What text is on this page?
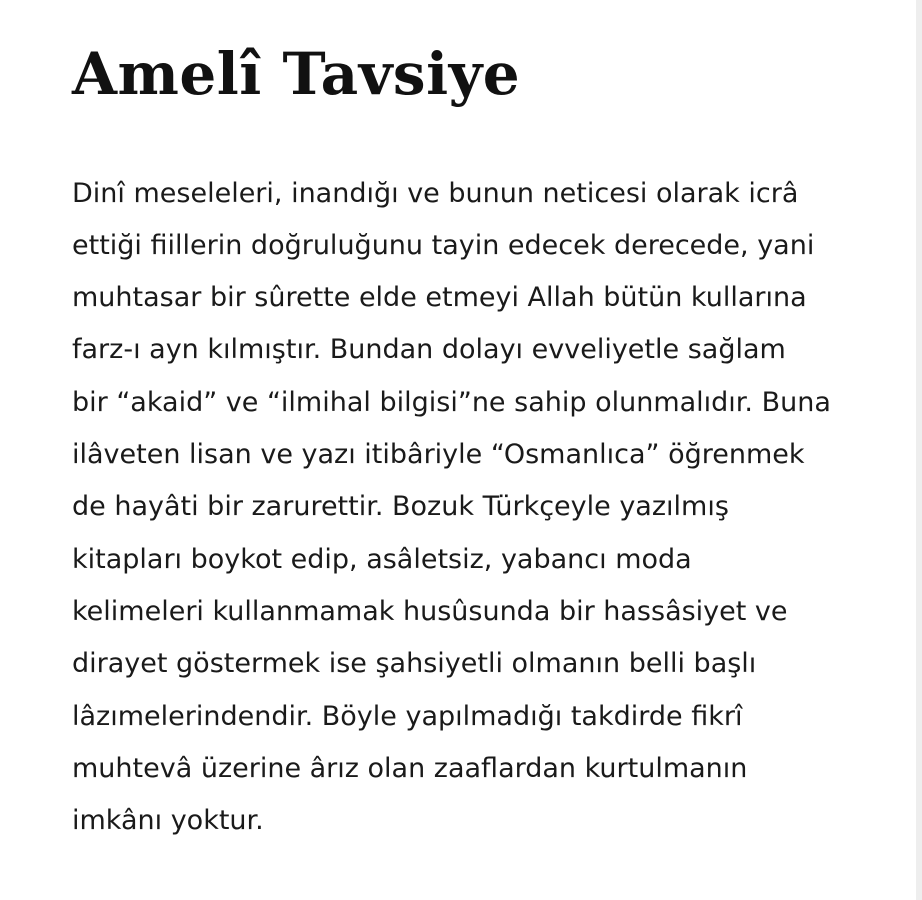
Amelî Tavsiye

Dinî meseleleri, inandığı ve bunun neticesi olarak icrâ
ettiği fiillerin doğruluğunu tayin edecek derecede, yani
muhtasar bir sûrette elde etmeyi Allah bütün kullarına
farz-ı ayn kılmıştır. Bundan dolayı evveliyetle sağlam
bir “akaid” ve “ilmihal bilgisi”ne sahip olunmalıdır. Buna
ilâveten lisan ve yazı itibâriyle “Osmanlıca” öğrenmek
de hayâti bir zarurettir. Bozuk Türkçeyle yazılmış
kitapları boykot edip, asâletsiz, yabancı moda
kelimeleri kullanmamak husûsunda bir hassâsiyet ve
dirayet göstermek ise şahsiyetli olmanın belli başlı
lâzımelerindendir. Böyle yapılmadığı takdirde fikrî
muhtevâ üzerine ârız olan zaaflardan kurtulmanın
imkânı yoktur.
